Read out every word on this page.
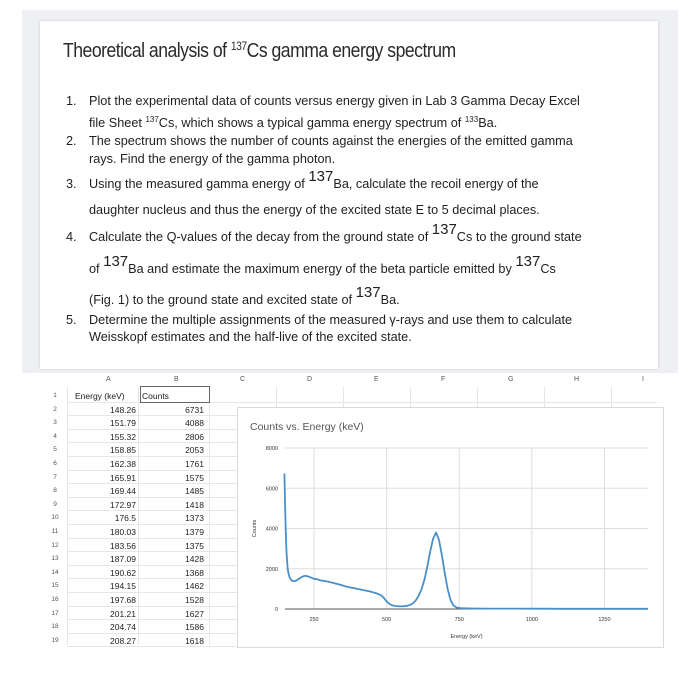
Theoretical analysis of $^{137}$Cs gamma energy spectrum
1. Plot the experimental data of counts versus energy given in Lab 3 Gamma Decay Excel
file Sheet $^{137}$Cs, which shows a typical gamma energy spectrum of $^{133}$Ba.
2. The spectrum shows the number of counts against the energies of the emitted gamma
rays. Find the energy of the gamma photon.
3. Using the measured gamma energy of 137Ba, calculate the recoil energy of the
daughter nucleus and thus the energy of the excited state E to 5 decimal places.
4. Calculate the Q-values of the decay from the ground state of 137Cs to the ground state
of 137Ba and estimate the maximum energy of the beta particle emitted by 137Cs
(Fig. 1) to the ground state and excited state of 137Ba.
5. Determine the multiple assignments of the measured γ-rays and use them to calculate
Weisskopf estimates and the half-live of the excited state.
A	B	C	D	E	F	G	H	I
1	Energy (keV) Counts
2	148.26	6731
3	151.79	4088
4	155.32	2806
5	158.85	2053
6	162.38	1761
7	165.91	1575
8	169.44	1485
9	172.97	1418
10	176.5	1373
11	180.03	1379
12	183.56	1375
13	187.09	1428
14	190.62	1368
15	194.15	1462
16	197.68	1528
17	201.21	1627
18	204.74	1586
19	208.27	1618
Counts vs. Energy (keV)
0
2000
4000
6000
8000
250	500	750	1000	1250
Energy (keV)
Counts
